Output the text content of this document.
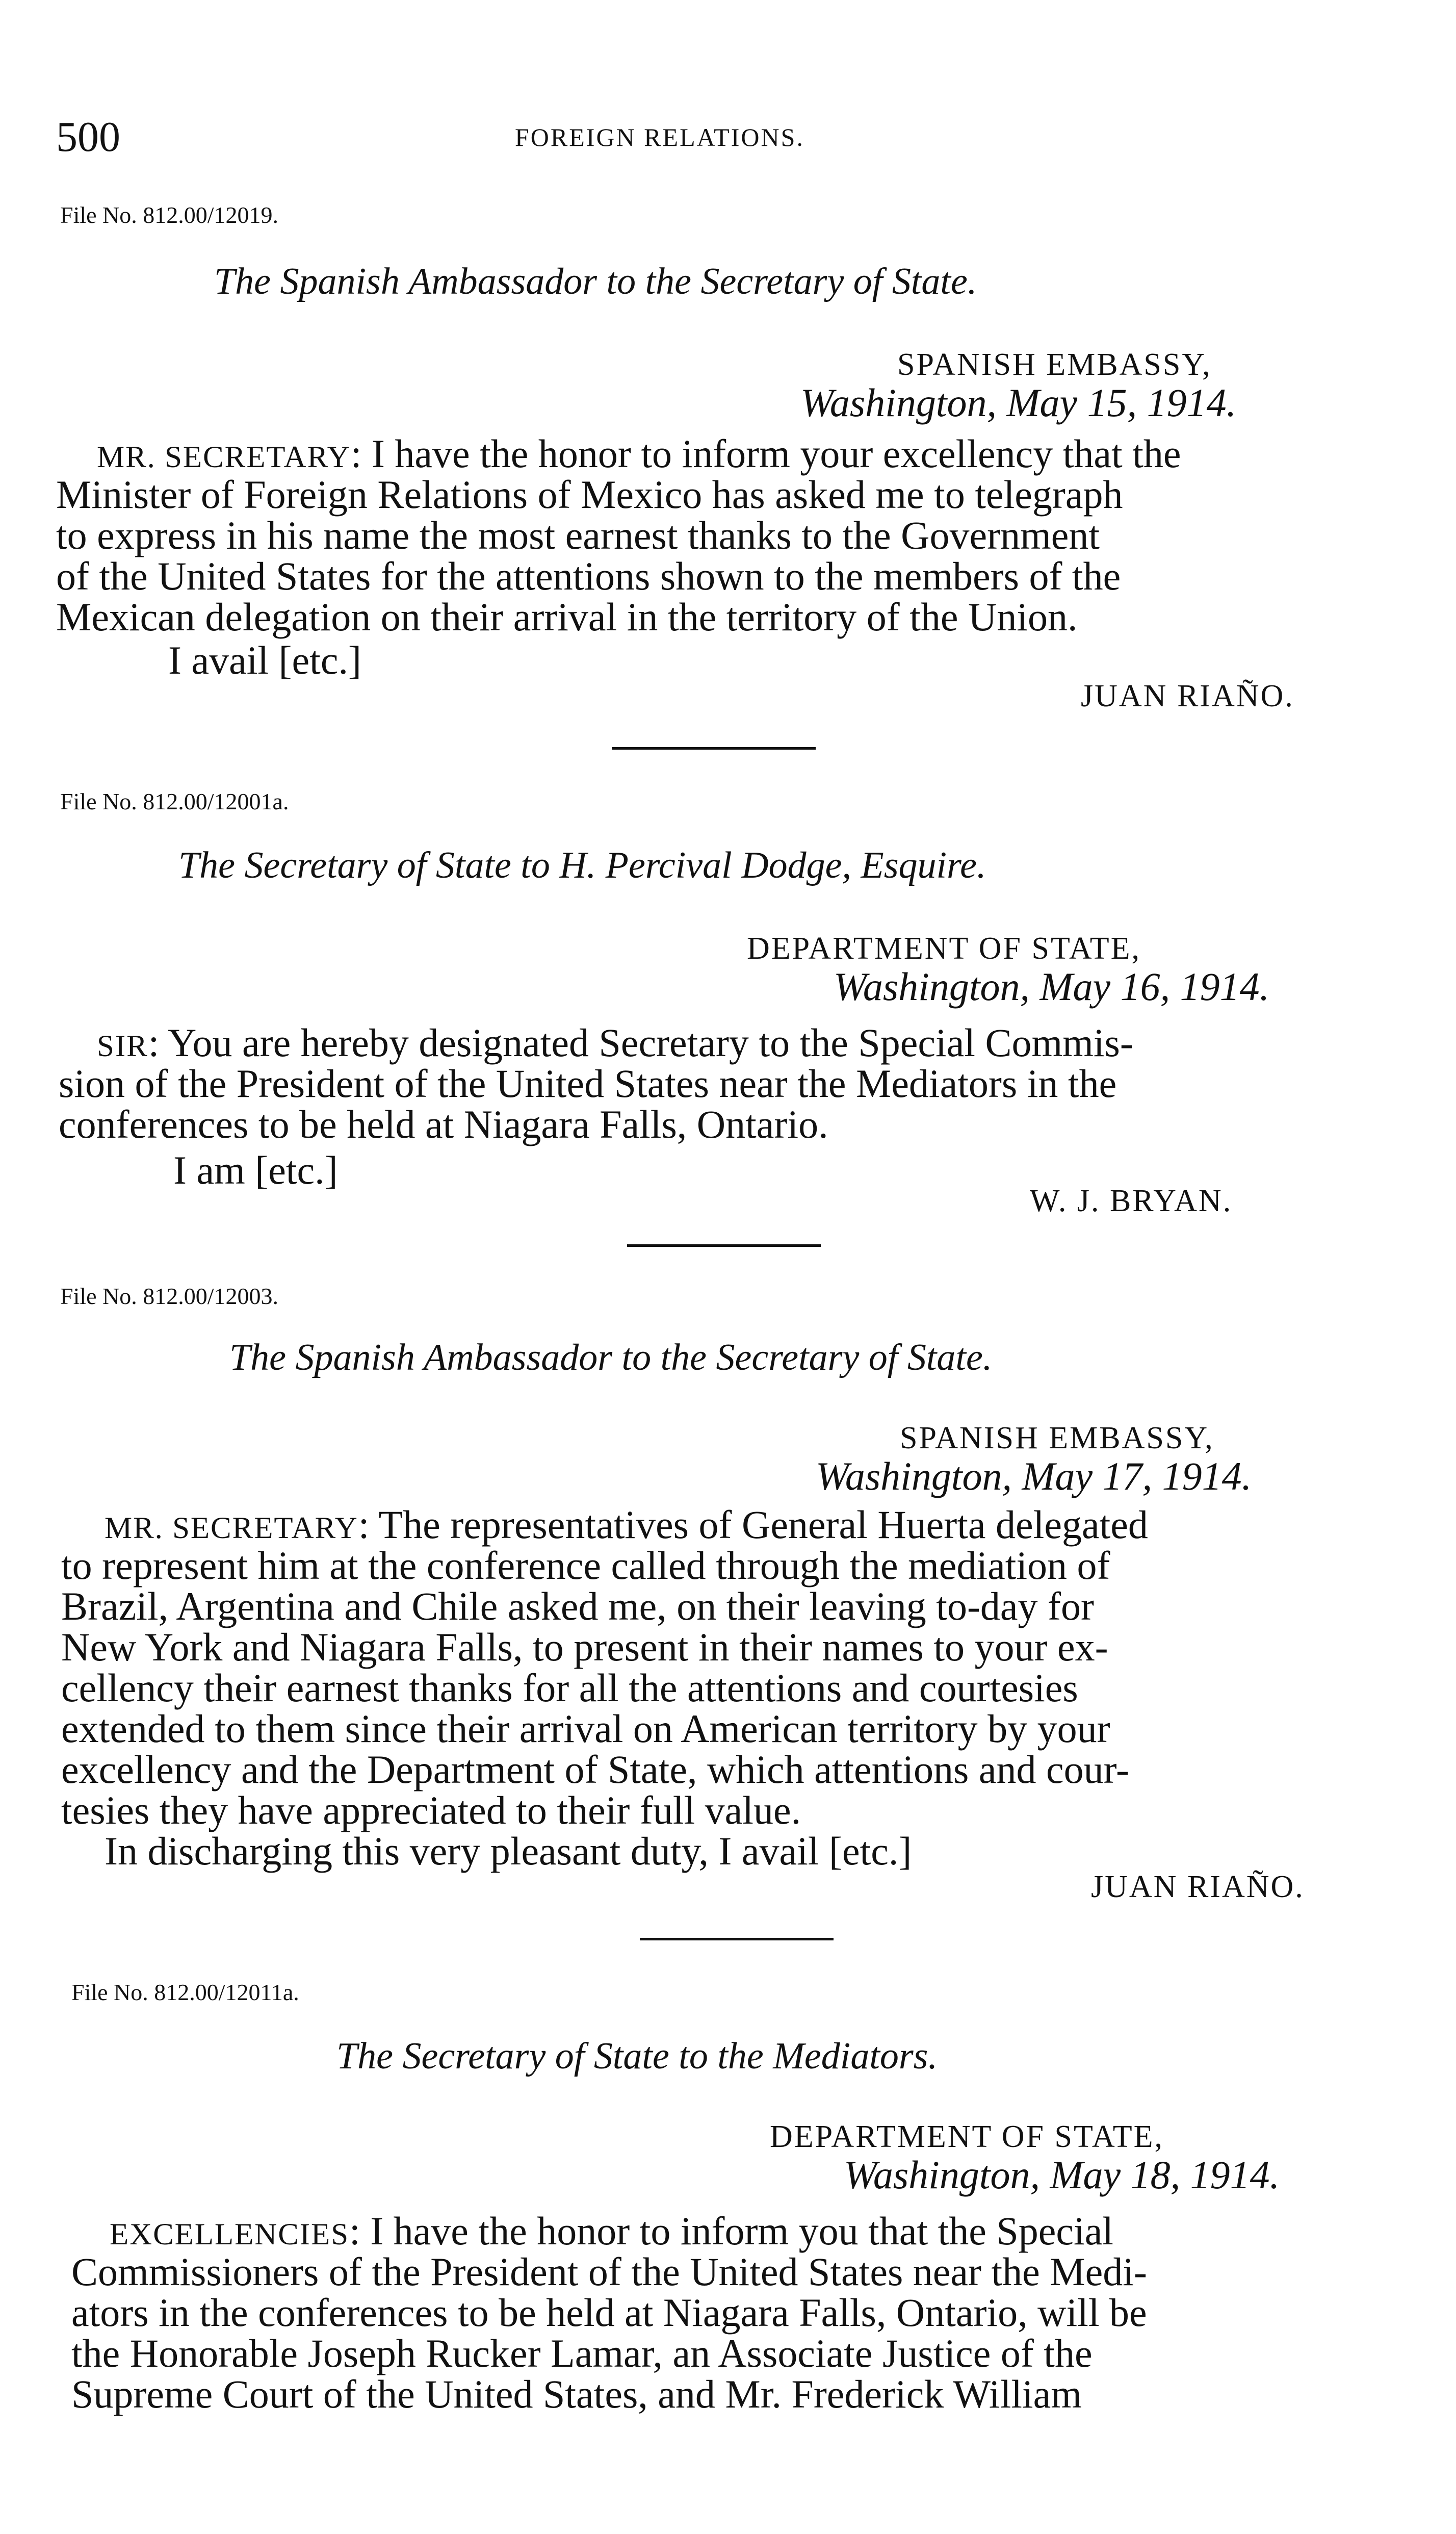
500	FOREIGN RELATIONS.
File No. 812.00/12019.
The Spanish Ambassador to the Secretary of State.
SPANISH EMBASSY,
Washington, May 15, 1914.
MR. SECRETARY: I have the honor to inform your excellency that the
Minister of Foreign Relations of Mexico has asked me to telegraph
to express in his name the most earnest thanks to the Government
of the United States for the attentions shown to the members of the
Mexican delegation on their arrival in the territory of the Union.
I avail [etc.]
JUAN RIAÑO.
File No. 812.00/12001a.
The Secretary of State to H. Percival Dodge, Esquire.
DEPARTMENT OF STATE,
Washington, May 16, 1914.
SIR: You are hereby designated Secretary to the Special Commis-
sion of the President of the United States near the Mediators in the
conferences to be held at Niagara Falls, Ontario.
I am [etc.]
W. J. BRYAN.
File No. 812.00/12003.
The Spanish Ambassador to the Secretary of State.
SPANISH EMBASSY,
Washington, May 17, 1914.
MR. SECRETARY: The representatives of General Huerta delegated
to represent him at the conference called through the mediation of
Brazil, Argentina and Chile asked me, on their leaving to-day for
New York and Niagara Falls, to present in their names to your ex-
cellency their earnest thanks for all the attentions and courtesies
extended to them since their arrival on American territory by your
excellency and the Department of State, which attentions and cour-
tesies they have appreciated to their full value.
In discharging this very pleasant duty, I avail [etc.]
JUAN RIAÑO.
File No. 812.00/12011a.
The Secretary of State to the Mediators.
DEPARTMENT OF STATE,
Washington, May 18, 1914.
EXCELLENCIES: I have the honor to inform you that the Special
Commissioners of the President of the United States near the Medi-
ators in the conferences to be held at Niagara Falls, Ontario, will be
the Honorable Joseph Rucker Lamar, an Associate Justice of the
Supreme Court of the United States, and Mr. Frederick William
